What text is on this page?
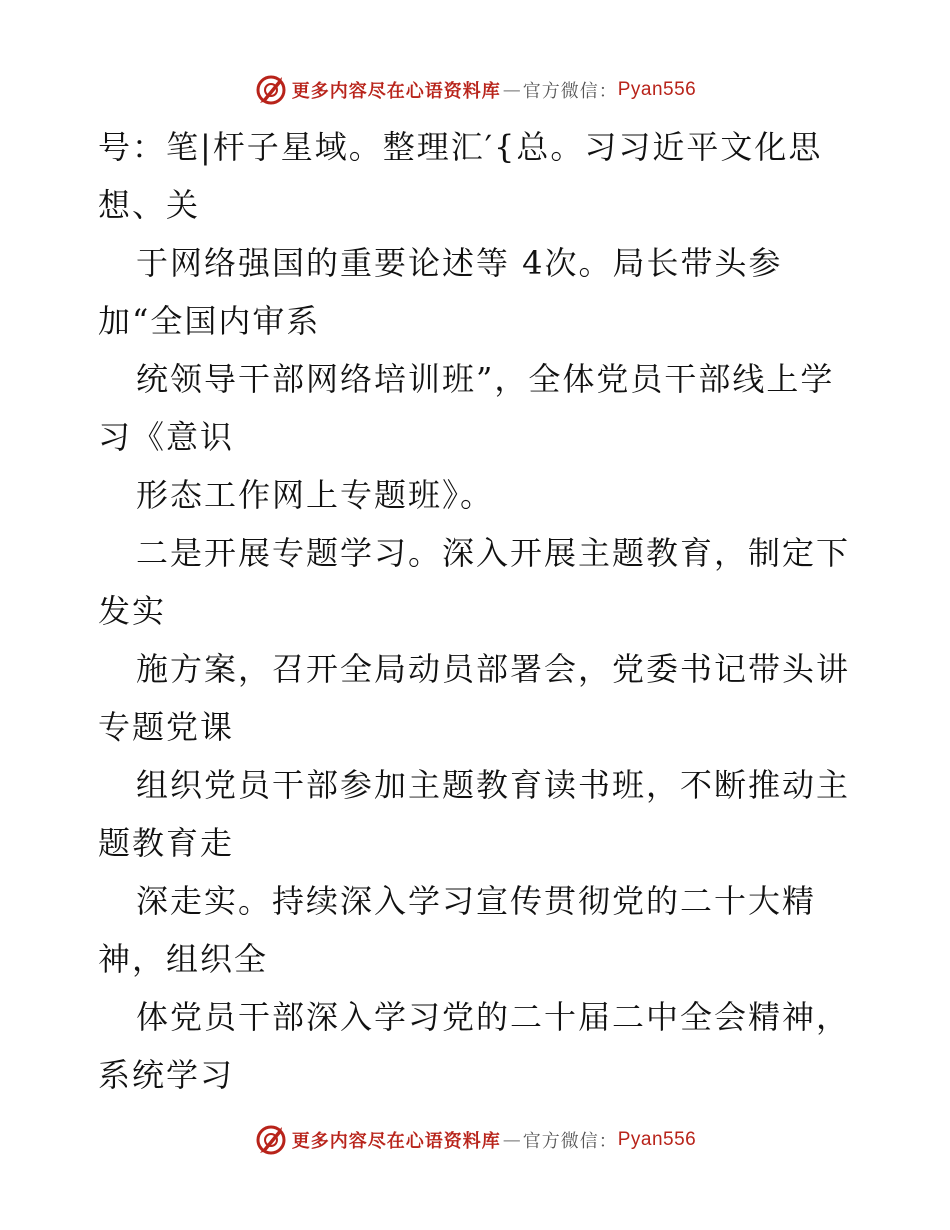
更多内容尽在心语资料库 — 官方微信： Pyan556
号：笔|杆子星域。整理汇′{总。习习近平文化思
想、关
于网络强国的重要论述等 4次。局长带头参
加“全国内审系
统领导干部网络培训班”，全体党员干部线上学
习《意识
形态工作网上专题班》。
二是开展专题学习。深入开展主题教育，制定下
发实
施方案，召开全局动员部署会，党委书记带头讲
专题党课
组织党员干部参加主题教育读书班，不断推动主
题教育走
深走实。持续深入学习宣传贯彻党的二十大精
神，组织全
体党员干部深入学习党的二十届二中全会精神，
系统学习
更多内容尽在心语资料库 — 官方微信： Pyan556
